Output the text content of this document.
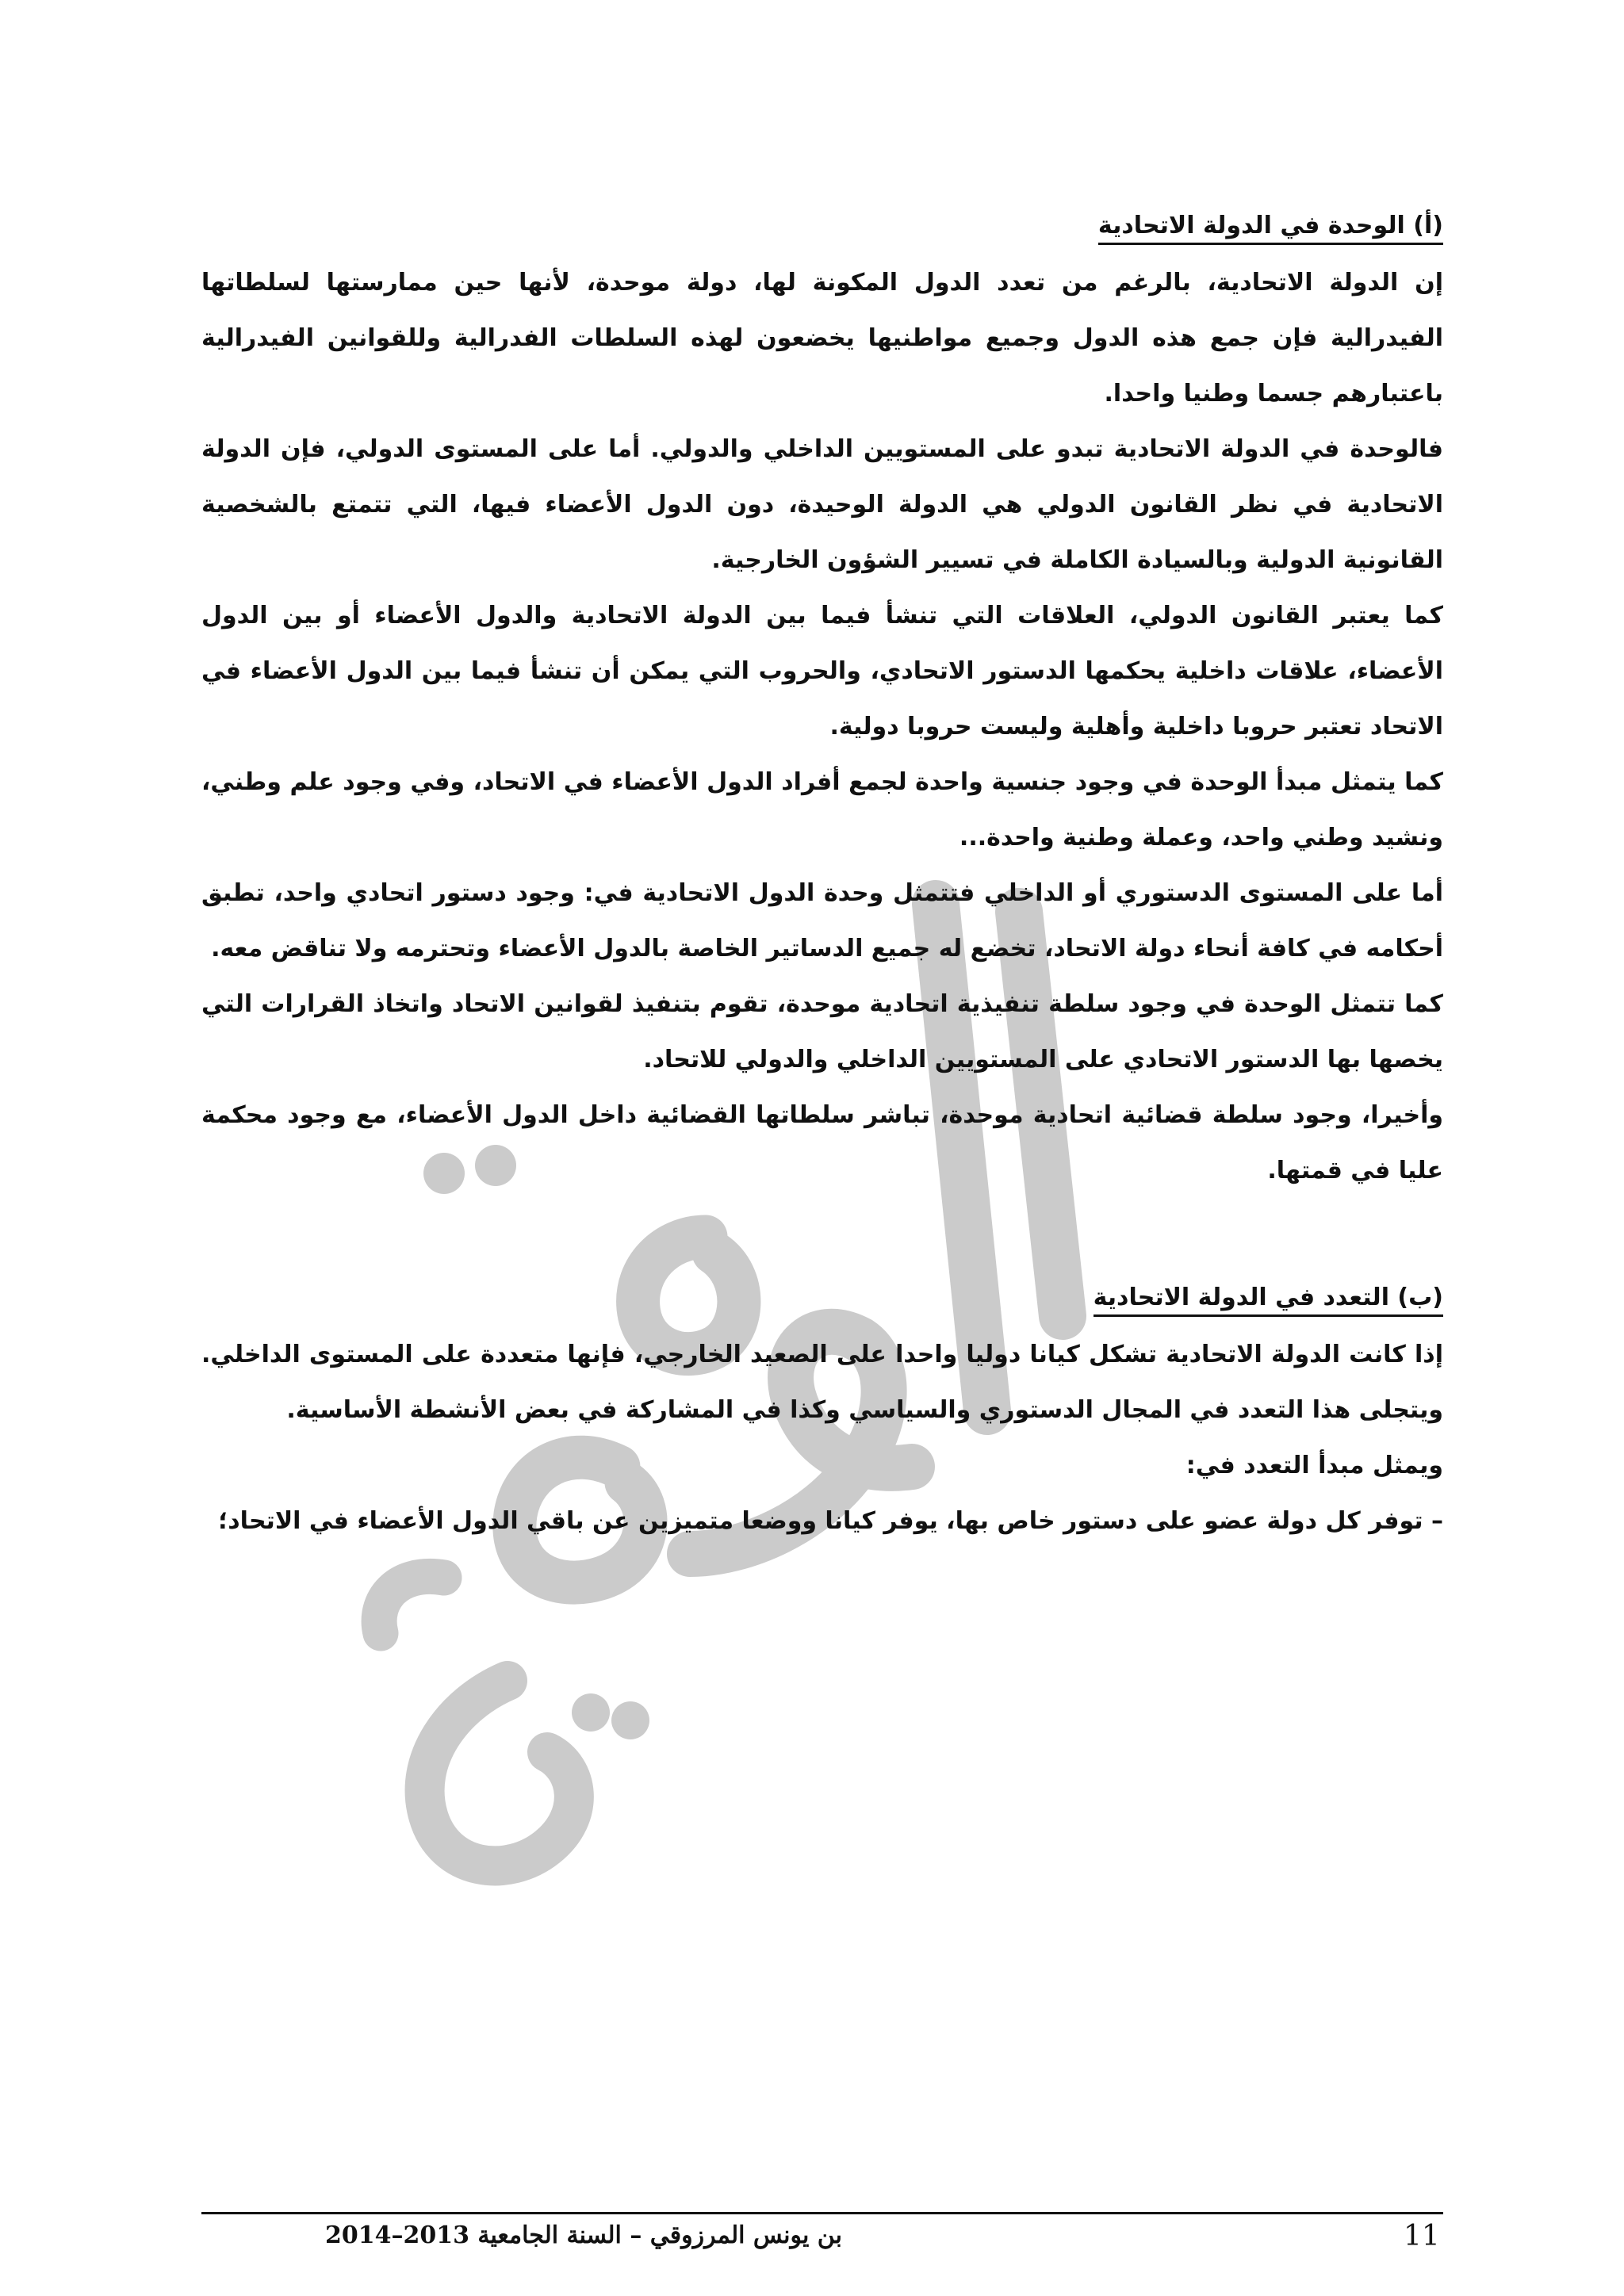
(أ) الوحدة في الدولة الاتحادية

إن الدولة الاتحادية، بالرغم من تعدد الدول المكونة لها، دولة موحدة، لأنها حين ممارستها لسلطاتها الفيدرالية فإن جمع هذه الدول وجميع مواطنيها يخضعون لهذه السلطات الفدرالية وللقوانين الفيدرالية باعتبارهم جسما وطنيا واحدا.

فالوحدة في الدولة الاتحادية تبدو على المستويين الداخلي والدولي. أما على المستوى الدولي، فإن الدولة الاتحادية في نظر القانون الدولي هي الدولة الوحيدة، دون الدول الأعضاء فيها، التي تتمتع بالشخصية القانونية الدولية وبالسيادة الكاملة في تسيير الشؤون الخارجية.

كما يعتبر القانون الدولي، العلاقات التي تنشأ فيما بين الدولة الاتحادية والدول الأعضاء أو بين الدول الأعضاء، علاقات داخلية يحكمها الدستور الاتحادي، والحروب التي يمكن أن تنشأ فيما بين الدول الأعضاء في الاتحاد تعتبر حروبا داخلية وأهلية وليست حروبا دولية.

كما يتمثل مبدأ الوحدة في وجود جنسية واحدة لجمع أفراد الدول الأعضاء في الاتحاد، وفي وجود علم وطني، ونشيد وطني واحد، وعملة وطنية واحدة...

أما على المستوى الدستوري أو الداخلي فتتمثل وحدة الدول الاتحادية في: وجود دستور اتحادي واحد، تطبق أحكامه في كافة أنحاء دولة الاتحاد، تخضع له جميع الدساتير الخاصة بالدول الأعضاء وتحترمه ولا تناقض معه.

كما تتمثل الوحدة في وجود سلطة تنفيذية اتحادية موحدة، تقوم بتنفيذ لقوانين الاتحاد واتخاذ القرارات التي يخصها بها الدستور الاتحادي على المستويين الداخلي والدولي للاتحاد.

وأخيرا، وجود سلطة قضائية اتحادية موحدة، تباشر سلطاتها القضائية داخل الدول الأعضاء، مع وجود محكمة عليا في قمتها.

(ب) التعدد في الدولة الاتحادية

إذا كانت الدولة الاتحادية تشكل كيانا دوليا واحدا على الصعيد الخارجي، فإنها متعددة على المستوى الداخلي. ويتجلى هذا التعدد في المجال الدستوري والسياسي وكذا في المشاركة في بعض الأنشطة الأساسية.

ويمثل مبدأ التعدد في:

– توفر كل دولة عضو على دستور خاص بها، يوفر كيانا ووضعا متميزين عن باقي الدول الأعضاء في الاتحاد؛

بن يونس المرزوقي – السنة الجامعية 2013–2014	11
